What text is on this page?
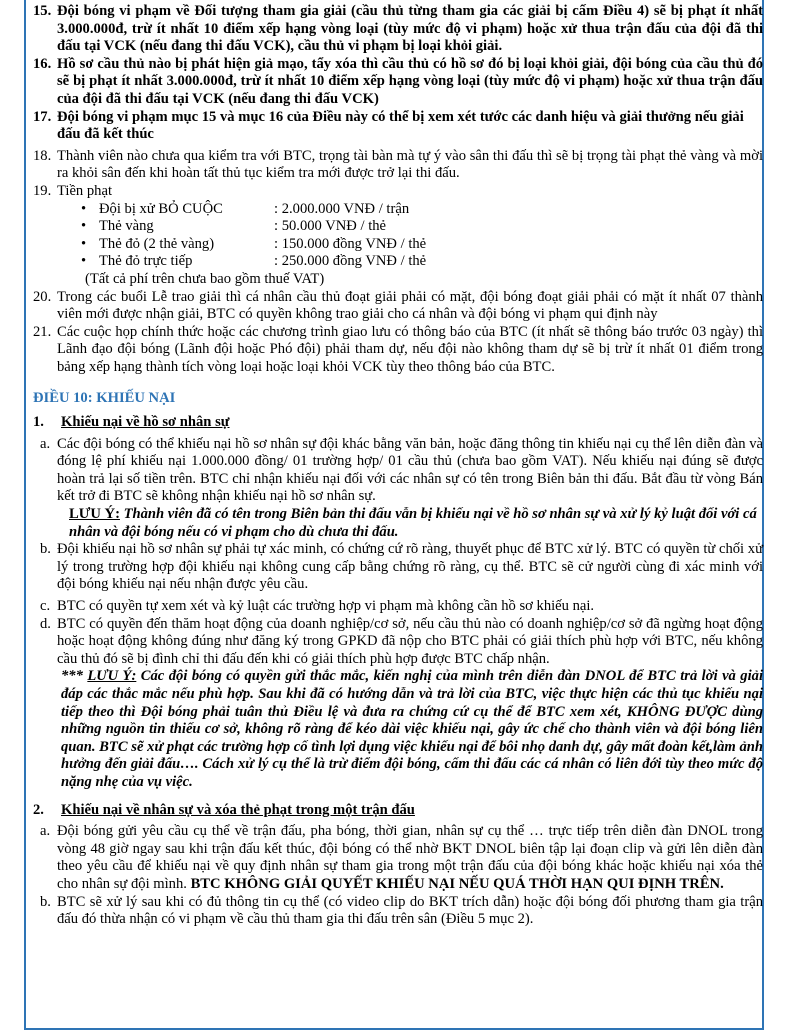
15. Đội bóng vi phạm về Đối tượng tham gia giải (cầu thủ từng tham gia các giải bị cấm Điều 4) sẽ bị phạt ít nhất 3.000.000đ, trừ ít nhất 10 điểm xếp hạng vòng loại (tùy mức độ vi phạm) hoặc xử thua trận đấu của đội đã thi đấu tại VCK (nếu đang thi đấu VCK), cầu thủ vi phạm bị loại khỏi giải.
16. Hồ sơ cầu thủ nào bị phát hiện giả mạo, tẩy xóa thì cầu thủ có hồ sơ đó bị loại khỏi giải, đội bóng của cầu thủ đó sẽ bị phạt ít nhất 3.000.000đ, trừ ít nhất 10 điểm xếp hạng vòng loại (tùy mức độ vi phạm) hoặc xử thua trận đấu của đội đã thi đấu tại VCK (nếu đang thi đấu VCK)
17. Đội bóng vi phạm mục 15 và mục 16 của Điều này có thể bị xem xét tước các danh hiệu và giải thưởng nếu giải đấu đã kết thúc
18. Thành viên nào chưa qua kiểm tra với BTC, trọng tài bàn mà tự ý vào sân thi đấu thì sẽ bị trọng tài phạt thẻ vàng và mời ra khỏi sân đến khi hoàn tất thủ tục kiểm tra mới được trở lại thi đấu.
19. Tiền phạt
• Đội bị xử BỎ CUỘC	: 2.000.000 VNĐ / trận
• Thẻ vàng	: 50.000 VNĐ / thẻ
• Thẻ đỏ (2 thẻ vàng)	: 150.000 đồng VNĐ / thẻ
• Thẻ đỏ trực tiếp	: 250.000 đồng VNĐ / thẻ
(Tất cả phí trên chưa bao gồm thuế VAT)
20. Trong các buổi Lễ trao giải thì cá nhân cầu thủ đoạt giải phải có mặt, đội bóng đoạt giải phải có mặt ít nhất 07 thành viên mới được nhận giải, BTC có quyền không trao giải cho cá nhân và đội bóng vi phạm qui định này
21. Các cuộc họp chính thức hoặc các chương trình giao lưu có thông báo của BTC (ít nhất sẽ thông báo trước 03 ngày) thì Lãnh đạo đội bóng (Lãnh đội hoặc Phó đội) phải tham dự, nếu đội nào không tham dự sẽ bị trừ ít nhất 01 điểm trong bảng xếp hạng thành tích vòng loại hoặc loại khỏi VCK tùy theo thông báo của BTC.
ĐIỀU 10: KHIẾU NẠI
1. Khiếu nại về hồ sơ nhân sự
a. Các đội bóng có thể khiếu nại hồ sơ nhân sự đội khác bằng văn bản, hoặc đăng thông tin khiếu nại cụ thể lên diễn đàn và đóng lệ phí khiếu nại 1.000.000 đồng/ 01 trường hợp/ 01 cầu thủ (chưa bao gồm VAT). Nếu khiếu nại đúng sẽ được hoàn trả lại số tiền trên. BTC chỉ nhận khiếu nại đối với các nhân sự có tên trong Biên bản thi đấu. Bắt đầu từ vòng Bán kết trở đi BTC sẽ không nhận khiếu nại hồ sơ nhân sự.
LƯU Ý: Thành viên đã có tên trong Biên bản thi đấu vẫn bị khiếu nại về hồ sơ nhân sự và xử lý kỷ luật đối với cá nhân và đội bóng nếu có vi phạm cho dù chưa thi đấu.
b. Đội khiếu nại hồ sơ nhân sự phải tự xác minh, có chứng cứ rõ ràng, thuyết phục để BTC xử lý. BTC có quyền từ chối xử lý trong trường hợp đội khiếu nại không cung cấp bằng chứng rõ ràng, cụ thể. BTC sẽ cử người cùng đi xác minh với đội bóng khiếu nại nếu nhận được yêu cầu.
c. BTC có quyền tự xem xét và kỷ luật các trường hợp vi phạm mà không cần hồ sơ khiếu nại.
d. BTC có quyền đến thăm hoạt động của doanh nghiệp/cơ sở, nếu cầu thủ nào có doanh nghiệp/cơ sở đã ngừng hoạt động hoặc hoạt động không đúng như đăng ký trong GPKD đã nộp cho BTC phải có giải thích phù hợp với BTC, nếu không cầu thủ đó sẽ bị đình chỉ thi đấu đến khi có giải thích phù hợp được BTC chấp nhận.
*** LƯU Ý: Các đội bóng có quyền gửi thắc mắc, kiến nghị của mình trên diễn đàn DNOL để BTC trả lời và giải đáp các thắc mắc nếu phù hợp. Sau khi đã có hướng dẫn và trả lời của BTC, việc thực hiện các thủ tục khiếu nại tiếp theo thì Đội bóng phải tuân thủ Điều lệ và đưa ra chứng cứ cụ thể để BTC xem xét, KHÔNG ĐƯỢC dùng những nguồn tin thiếu cơ sở, không rõ ràng để kéo dài việc khiếu nại, gây ức chế cho thành viên và đội bóng liên quan. BTC sẽ xử phạt các trường hợp cố tình lợi dụng việc khiếu nại để bôi nhọ danh dự, gây mất đoàn kết,làm ảnh hưởng đến giải đấu…. Cách xử lý cụ thể là trừ điểm đội bóng, cấm thi đấu các cá nhân có liên đới tùy theo mức độ nặng nhẹ của vụ việc.
2. Khiếu nại về nhân sự và xóa thẻ phạt trong một trận đấu
a. Đội bóng gửi yêu cầu cụ thể về trận đấu, pha bóng, thời gian, nhân sự cụ thể … trực tiếp trên diễn đàn DNOL trong vòng 48 giờ ngay sau khi trận đấu kết thúc, đội bóng có thể nhờ BKT DNOL biên tập lại đoạn clip và gửi lên diễn đàn theo yêu cầu để khiếu nại về quy định nhân sự tham gia trong một trận đấu của đội bóng khác hoặc khiếu nại xóa thẻ cho nhân sự đội mình. BTC KHÔNG GIẢI QUYẾT KHIẾU NẠI NẾU QUÁ THỜI HẠN QUI ĐỊNH TRÊN.
b. BTC sẽ xử lý sau khi có đủ thông tin cụ thể (có video clip do BKT trích dẫn) hoặc đội bóng đối phương tham gia trận đấu đó thừa nhận có vi phạm về cầu thủ tham gia thi đấu trên sân (Điều 5 mục 2).
